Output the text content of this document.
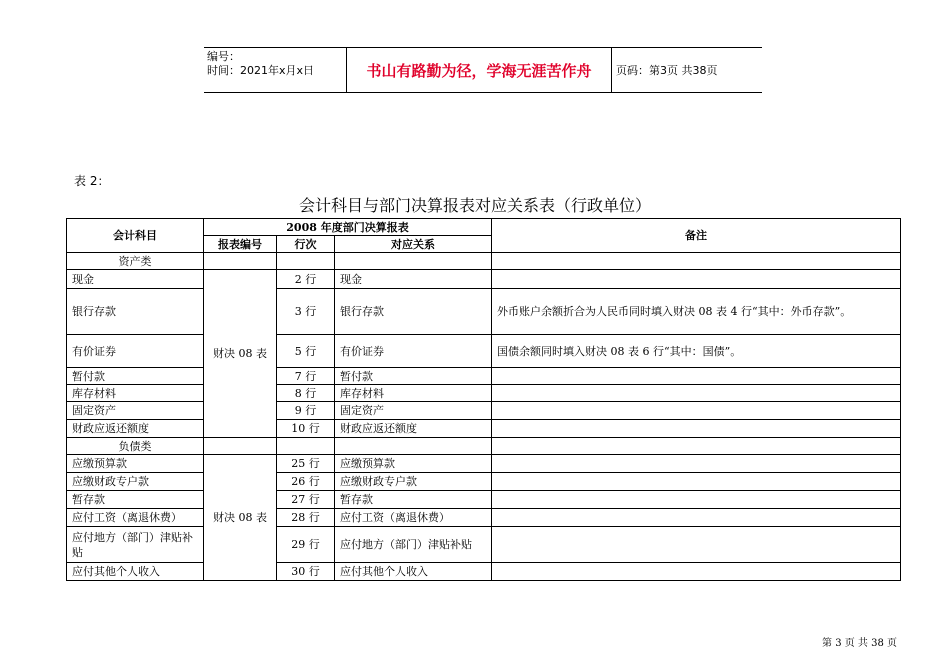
编号：
时间：2021年x月x日	书山有路勤为径，学海无涯苦作舟	页码：第3页 共38页
表 2：
会计科目与部门决算报表对应关系表（行政单位）
会计科目	2008 年度部门决算报表			备注
	报表编号	行次	对应关系	
资产类				
现金	财决 08 表	2 行	现金	
银行存款		3 行	银行存款	外币账户余额折合为人民币同时填入财决 08 表 4 行“其中：外币存款”。
有价证券		5 行	有价证券	国债余额同时填入财决 08 表 6 行“其中：国债”。
暂付款		7 行	暂付款	
库存材料		8 行	库存材料	
固定资产		9 行	固定资产	
财政应返还额度		10 行	财政应返还额度	
负债类				
应缴预算款	财决 08 表	25 行	应缴预算款	
应缴财政专户款		26 行	应缴财政专户款	
暂存款		27 行	暂存款	
应付工资（离退休费）		28 行	应付工资（离退休费）	
应付地方（部门）津贴补贴		29 行	应付地方（部门）津贴补贴	
应付其他个人收入		30 行	应付其他个人收入	
第 3 页 共 38 页
